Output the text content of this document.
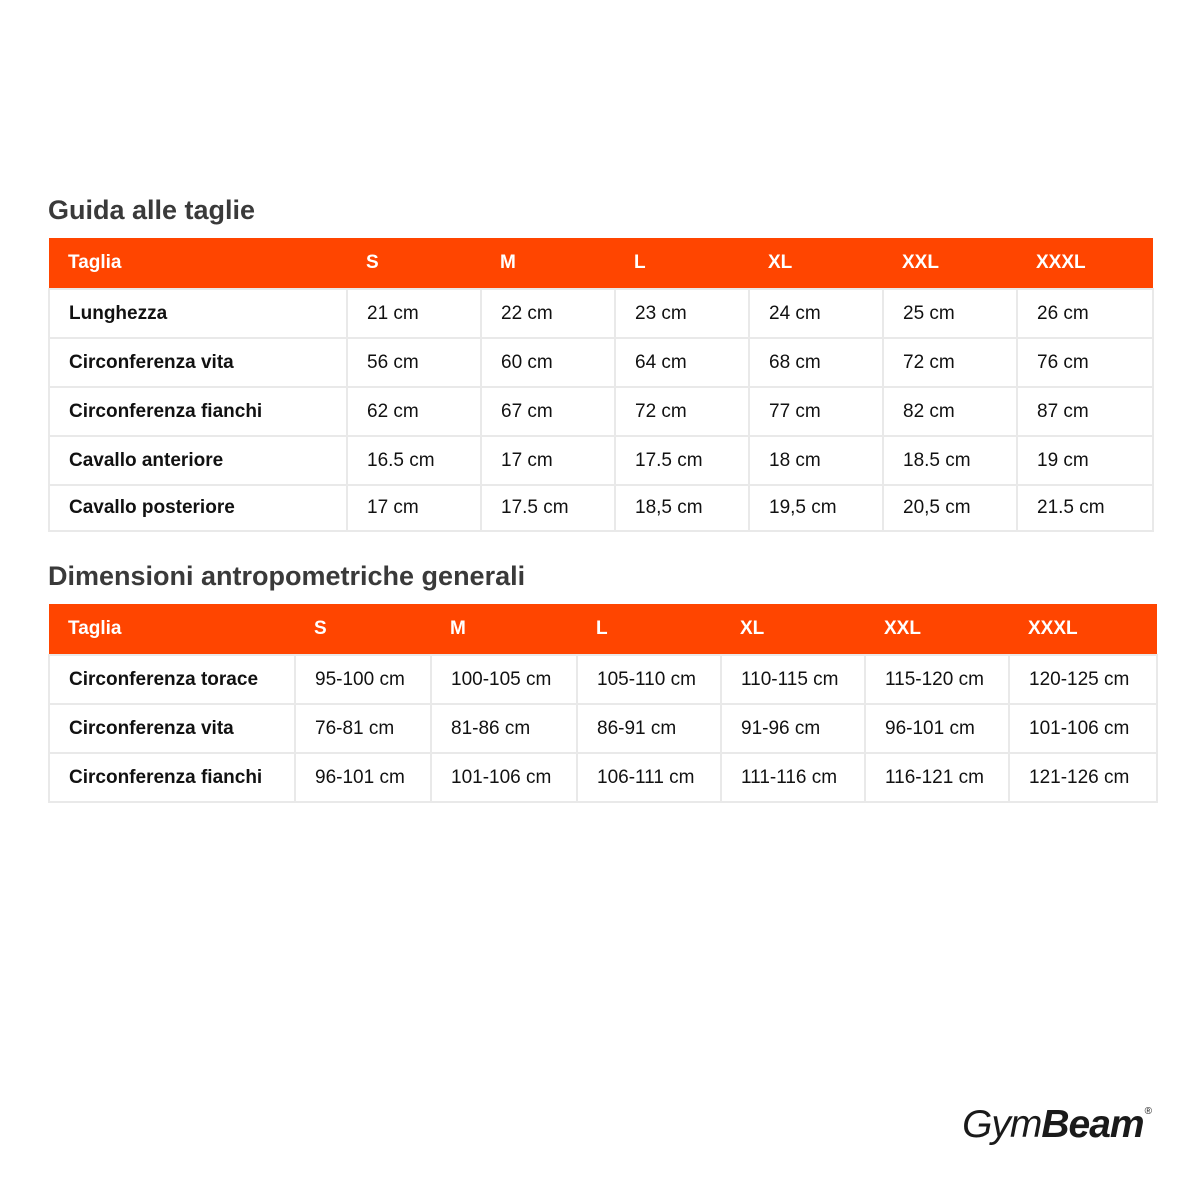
Guida alle taglie
Taglia	S	M	L	XL	XXL	XXXL
Lunghezza	21 cm	22 cm	23 cm	24 cm	25 cm	26 cm
Circonferenza vita	56 cm	60 cm	64 cm	68 cm	72 cm	76 cm
Circonferenza fianchi	62 cm	67 cm	72 cm	77 cm	82 cm	87 cm
Cavallo anteriore	16.5 cm	17 cm	17.5 cm	18 cm	18.5 cm	19 cm
Cavallo posteriore	17 cm	17.5 cm	18,5 cm	19,5 cm	20,5 cm	21.5 cm
Dimensioni antropometriche generali
Taglia	S	M	L	XL	XXL	XXXL
Circonferenza torace	95-100 cm	100-105 cm	105-110 cm	110-115 cm	115-120 cm	120-125 cm
Circonferenza vita	76-81 cm	81-86 cm	86-91 cm	91-96 cm	96-101 cm	101-106 cm
Circonferenza fianchi	96-101 cm	101-106 cm	106-111 cm	111-116 cm	116-121 cm	121-126 cm
GymBeam®
